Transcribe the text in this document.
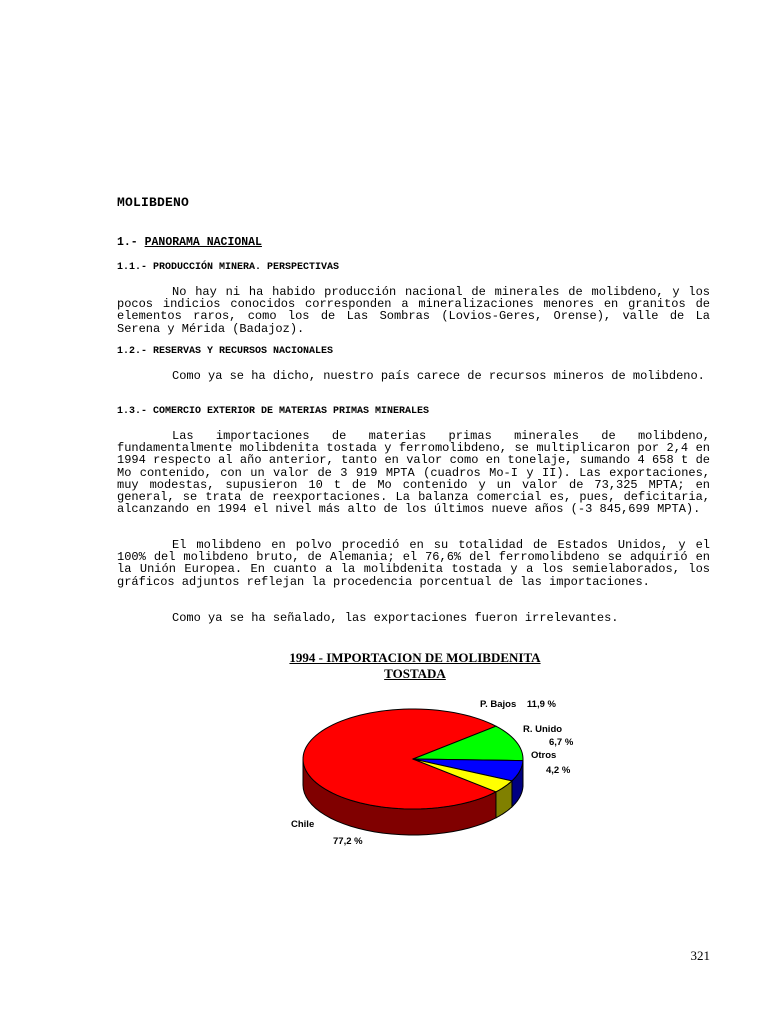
MOLIBDENO
1.- PANORAMA NACIONAL
1.1.- PRODUCCIÓN MINERA. PERSPECTIVAS
No hay ni ha habido producción nacional de minerales de molibdeno, y los pocos indicios conocidos corresponden a mineralizaciones menores en granitos de elementos raros, como los de Las Sombras (Lovios-Geres, Orense), valle de La Serena y Mérida (Badajoz).
1.2.- RESERVAS Y RECURSOS NACIONALES
Como ya se ha dicho, nuestro país carece de recursos mineros de molibdeno.
1.3.- COMERCIO EXTERIOR DE MATERIAS PRIMAS MINERALES
Las importaciones de materias primas minerales de molibdeno, fundamentalmente molibdenita tostada y ferromolibdeno, se multiplicaron por 2,4 en 1994 respecto al año anterior, tanto en valor como en tonelaje, sumando 4 658 t de Mo contenido, con un valor de 3 919 MPTA (cuadros Mo-I y II). Las exportaciones, muy modestas, supusieron 10 t de Mo contenido y un valor de 73,325 MPTA; en general, se trata de reexportaciones. La balanza comercial es, pues, deficitaria, alcanzando en 1994 el nivel más alto de los últimos nueve años (-3 845,699 MPTA).
El molibdeno en polvo procedió en su totalidad de Estados Unidos, y el 100% del molibdeno bruto, de Alemania; el 76,6% del ferromolibdeno se adquirió en la Unión Europea. En cuanto a la molibdenita tostada y a los semielaborados, los gráficos adjuntos reflejan la procedencia porcentual de las importaciones.
Como ya se ha señalado, las exportaciones fueron irrelevantes.
1994 - IMPORTACION DE MOLIBDENITA
TOSTADA
P. Bajos 11,9 %
R. Unido
6,7 %
Otros
4,2 %
Chile
77,2 %
321
